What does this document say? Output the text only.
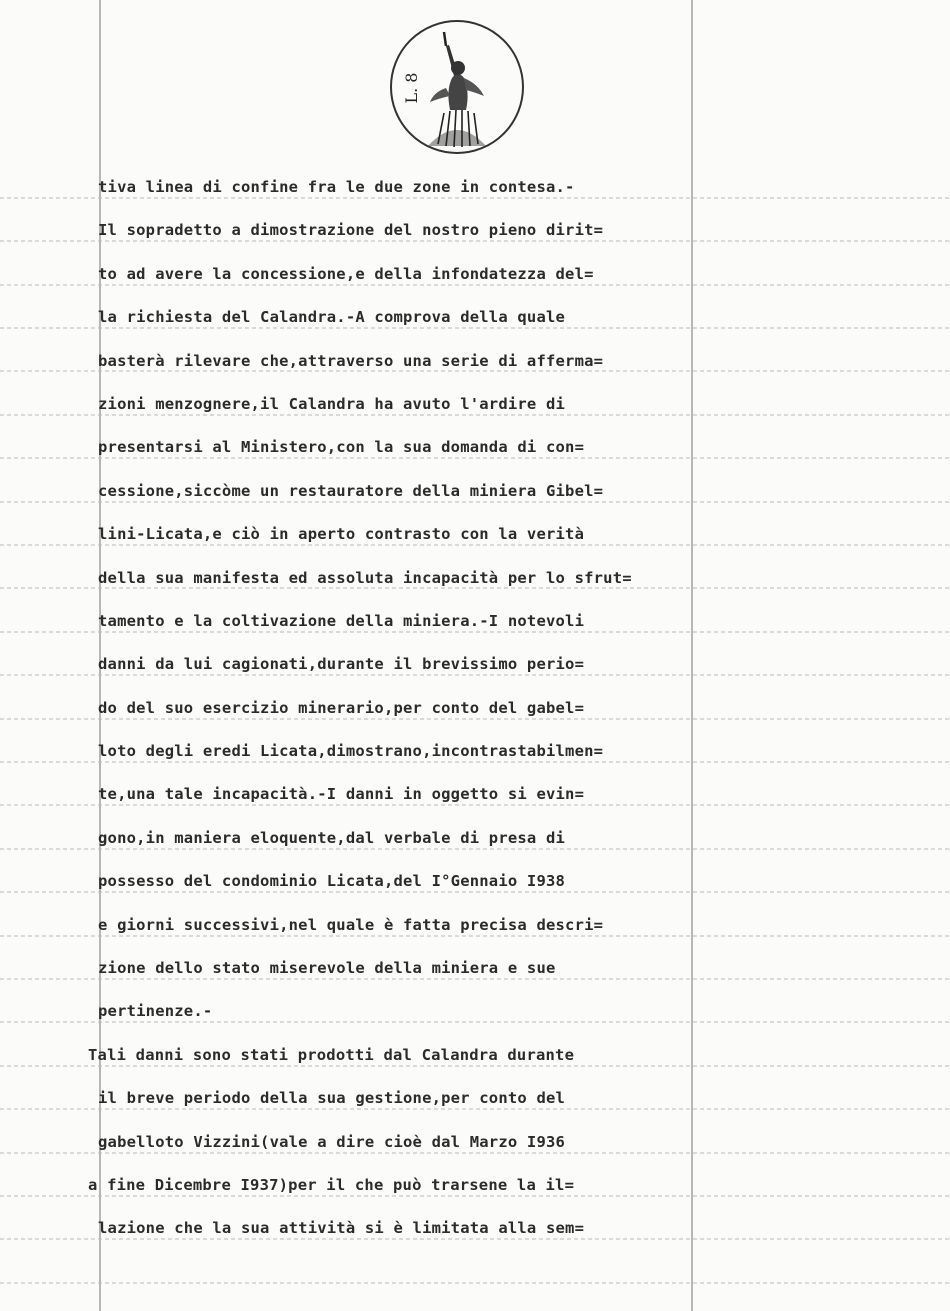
L. 8
tiva linea di confine fra le due zone in contesa.-
Il sopradetto a dimostrazione del nostro pieno dirit=
to ad avere la concessione,e della infondatezza del=
la richiesta del Calandra.-A comprova della quale
basterà rilevare che,attraverso una serie di afferma=
zioni menzognere,il Calandra ha avuto l'ardire di
presentarsi al Ministero,con la sua domanda di con=
cessione,siccòme un restauratore della miniera Gibel=
lini-Licata,e ciò in aperto contrasto con la verità
della sua manifesta ed assoluta incapacità per lo sfrut=
tamento e la coltivazione della miniera.-I notevoli
danni da lui cagionati,durante il brevissimo perio=
do del suo esercizio minerario,per conto del gabel=
loto degli eredi Licata,dimostrano,incontrastabilmen=
te,una tale incapacità.-I danni in oggetto si evin=
gono,in maniera eloquente,dal verbale di presa di
possesso del condominio Licata,del I°Gennaio I938
e giorni successivi,nel quale è fatta precisa descri=
zione dello stato miserevole della miniera e sue
pertinenze.-
Tali danni sono stati prodotti dal Calandra durante
il breve periodo della sua gestione,per conto del
gabelloto Vizzini(vale a dire cioè dal Marzo I936
a fine Dicembre I937)per il che può trarsene la il=
lazione che la sua attività si è limitata alla sem=
